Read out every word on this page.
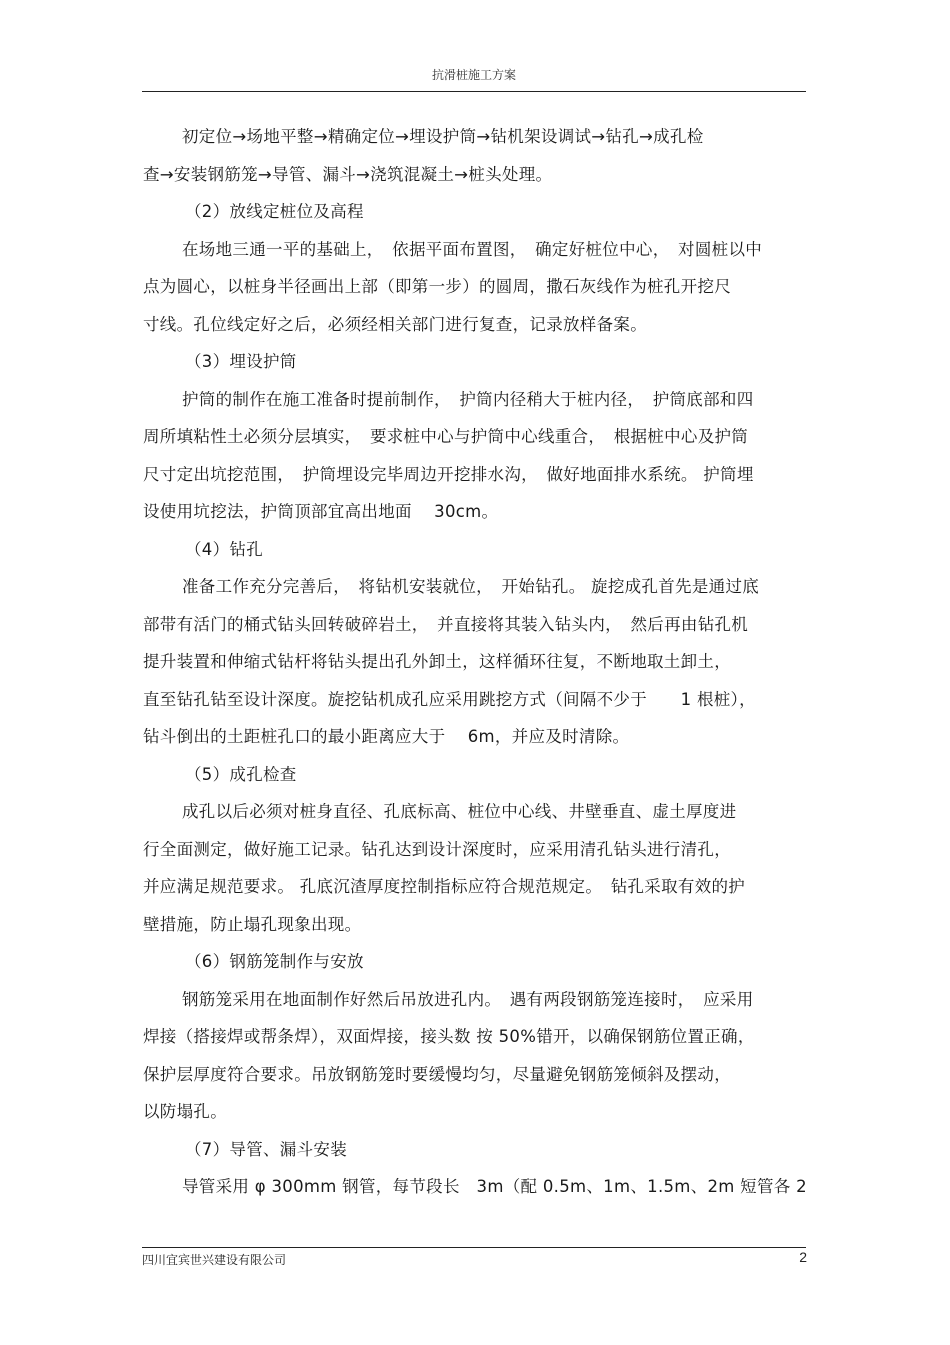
抗滑桩施工方案
初定位→场地平整→精确定位→埋设护筒→钻机架设调试→钻孔→成孔检
查→安装钢筋笼→导管、漏斗→浇筑混凝土→桩头处理。
（2）放线定桩位及高程
在场地三通一平的基础上，　依据平面布置图，　确定好桩位中心，　对圆桩以中
点为圆心，以桩身半径画出上部（即第一步）的圆周，撒石灰线作为桩孔开挖尺
寸线。孔位线定好之后，必须经相关部门进行复查，记录放样备案。
（3）埋设护筒
护筒的制作在施工准备时提前制作，　护筒内径稍大于桩内径，　护筒底部和四
周所填粘性土必须分层填实，　要求桩中心与护筒中心线重合，　根据桩中心及护筒
尺寸定出坑挖范围，　护筒埋设完毕周边开挖排水沟，　做好地面排水系统。 护筒埋
设使用坑挖法，护筒顶部宜高出地面　 30cm。
（4）钻孔
准备工作充分完善后，　将钻机安装就位，　开始钻孔。 旋挖成孔首先是通过底
部带有活门的桶式钻头回转破碎岩土，　并直接将其装入钻头内，　然后再由钻孔机
提升装置和伸缩式钻杆将钻头提出孔外卸土，这样循环往复，不断地取土卸土，
直至钻孔钻至设计深度。旋挖钻机成孔应采用跳挖方式（间隔不少于　　1 根桩），
钻斗倒出的土距桩孔口的最小距离应大于　 6m，并应及时清除。
（5）成孔检查
成孔以后必须对桩身直径、孔底标高、桩位中心线、井壁垂直、虚土厚度进
行全面测定，做好施工记录。钻孔达到设计深度时，应采用清孔钻头进行清孔，
并应满足规范要求。 孔底沉渣厚度控制指标应符合规范规定。　钻孔采取有效的护
壁措施，防止塌孔现象出现。
（6）钢筋笼制作与安放
钢筋笼采用在地面制作好然后吊放进孔内。　遇有两段钢筋笼连接时，　应采用
焊接（搭接焊或帮条焊），双面焊接，接头数 按 50%错开，以确保钢筋位置正确，
保护层厚度符合要求。吊放钢筋笼时要缓慢均匀，尽量避免钢筋笼倾斜及摆动，
以防塌孔。
（7）导管、漏斗安装
导管采用 φ 300mm 钢管，每节段长　3m（配 0.5m、1m、1.5m、2m 短管各 2
四川宜宾世兴建设有限公司	2
